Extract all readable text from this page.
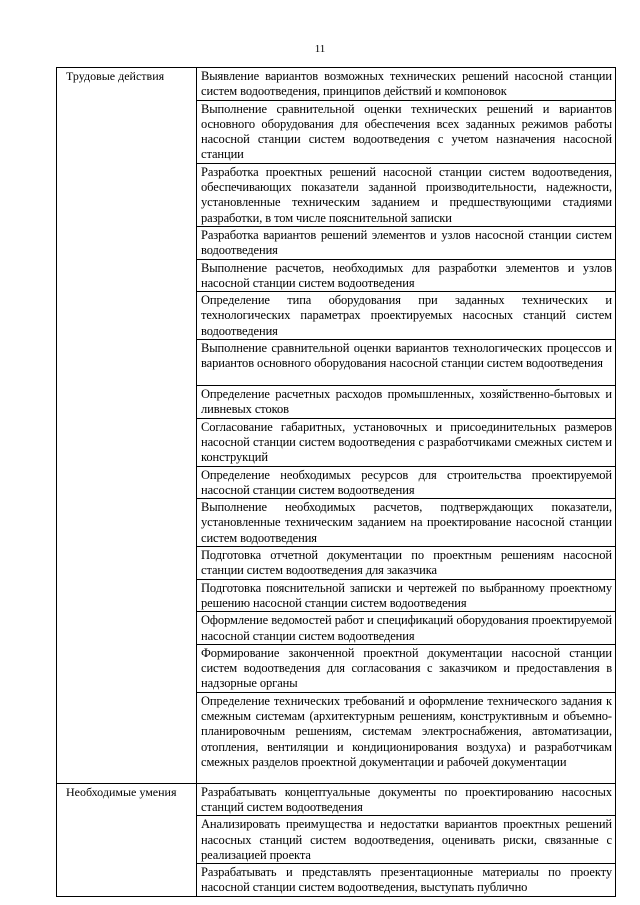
11
Трудовые действия	Выявление вариантов возможных технических решений насосной станции систем водоотведения, принципов действий и компоновок
	Выполнение сравнительной оценки технических решений и вариантов основного оборудования для обеспечения всех заданных режимов работы насосной станции систем водоотведения с учетом назначения насосной станции
	Разработка проектных решений насосной станции систем водоотведения, обеспечивающих показатели заданной производительности, надежности, установленные техническим заданием и предшествующими стадиями разработки, в том числе пояснительной записки
	Разработка вариантов решений элементов и узлов насосной станции систем водоотведения
	Выполнение расчетов, необходимых для разработки элементов и узлов насосной станции систем водоотведения
	Определение типа оборудования при заданных технических и технологических параметрах проектируемых насосных станций систем водоотведения
	Выполнение сравнительной оценки вариантов технологических процессов и вариантов основного оборудования насосной станции систем водоотведения
	Определение расчетных расходов промышленных, хозяйственно-бытовых и ливневых стоков
	Согласование габаритных, установочных и присоединительных размеров насосной станции систем водоотведения с разработчиками смежных систем и конструкций
	Определение необходимых ресурсов для строительства проектируемой насосной станции систем водоотведения
	Выполнение необходимых расчетов, подтверждающих показатели, установленные техническим заданием на проектирование насосной станции систем водоотведения
	Подготовка отчетной документации по проектным решениям насосной станции систем водоотведения для заказчика
	Подготовка пояснительной записки и чертежей по выбранному проектному решению насосной станции систем водоотведения
	Оформление ведомостей работ и спецификаций оборудования проектируемой насосной станции систем водоотведения
	Формирование законченной проектной документации насосной станции систем водоотведения для согласования с заказчиком и предоставления в надзорные органы
	Определение технических требований и оформление технического задания к смежным системам (архитектурным решениям, конструктивным и объемно-планировочным решениям, системам электроснабжения, автоматизации, отопления, вентиляции и кондиционирования воздуха) и разработчикам смежных разделов проектной документации и рабочей документации
Необходимые умения	Разрабатывать концептуальные документы по проектированию насосных станций систем водоотведения
	Анализировать преимущества и недостатки вариантов проектных решений насосных станций систем водоотведения, оценивать риски, связанные с реализацией проекта
	Разрабатывать и представлять презентационные материалы по проекту насосной станции систем водоотведения, выступать публично
